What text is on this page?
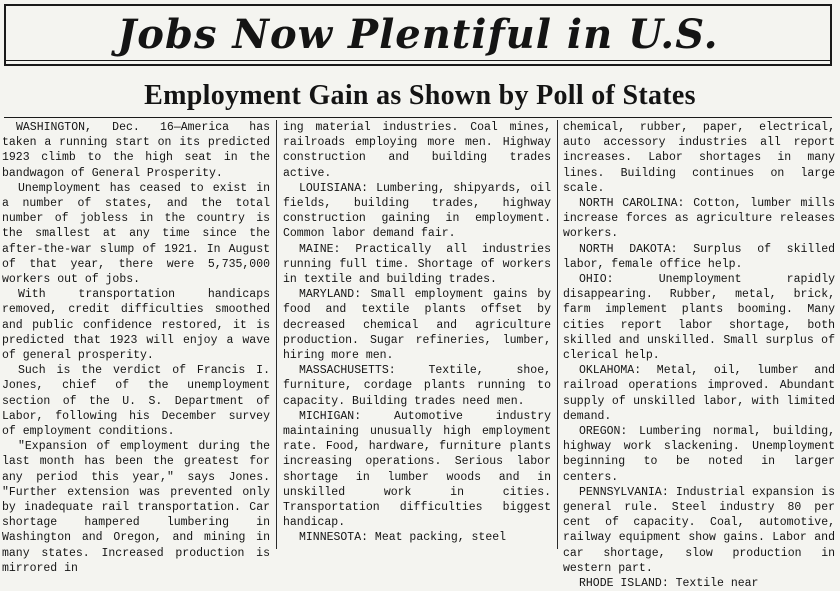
Jobs Now Plentiful in U.S.
Employment Gain as Shown by Poll of States

WASHINGTON, Dec. 16—America has taken a running start on its predicted 1923 climb to the high seat in the bandwagon of General Prosperity.

Unemployment has ceased to exist in a number of states, and the total number of jobless in the country is the smallest at any time since the after-the-war slump of 1921. In August of that year, there were 5,735,000 workers out of jobs.

With transportation handicaps removed, credit difficulties smoothed and public confidence restored, it is predicted that 1923 will enjoy a wave of general prosperity.

Such is the verdict of Francis I. Jones, chief of the unemployment section of the U. S. Department of Labor, following his December survey of employment conditions.

"Expansion of employment during the last month has been the greatest for any period this year," says Jones. "Further extension was prevented only by inadequate rail transportation. Car shortage hampered lumbering in Washington and Oregon, and mining in many states. Increased production is mirrored in

ing material industries. Coal mines, railroads employing more men. Highway construction and building trades active.

LOUISIANA: Lumbering, shipyards, oil fields, building trades, highway construction gaining in employment. Common labor demand fair.

MAINE: Practically all industries running full time. Shortage of workers in textile and building trades.

MARYLAND: Small employment gains by food and textile plants offset by decreased chemical and agriculture production. Sugar refineries, lumber, hiring more men.

MASSACHUSETTS: Textile, shoe, furniture, cordage plants running to capacity. Building trades need men.

MICHIGAN: Automotive industry maintaining unusually high employment rate. Food, hardware, furniture plants increasing operations. Serious labor shortage in lumber woods and in unskilled work in cities. Transportation difficulties biggest handicap.

MINNESOTA: Meat packing, steel

chemical, rubber, paper, electrical, auto accessory industries all report increases. Labor shortages in many lines. Building continues on large scale.

NORTH CAROLINA: Cotton, lumber mills increase forces as agriculture releases workers.

NORTH DAKOTA: Surplus of skilled labor, female office help.

OHIO: Unemployment rapidly disappearing. Rubber, metal, brick, farm implement plants booming. Many cities report labor shortage, both skilled and unskilled. Small surplus of clerical help.

OKLAHOMA: Metal, oil, lumber and railroad operations improved. Abundant supply of unskilled labor, with limited demand.

OREGON: Lumbering normal, building, highway work slackening. Unemployment beginning to be noted in larger centers.

PENNSYLVANIA: Industrial expansion is general rule. Steel industry 80 per cent of capacity. Coal, automotive, railway equipment show gains. Labor and car shortage, slow production in western part.

RHODE ISLAND: Textile near
